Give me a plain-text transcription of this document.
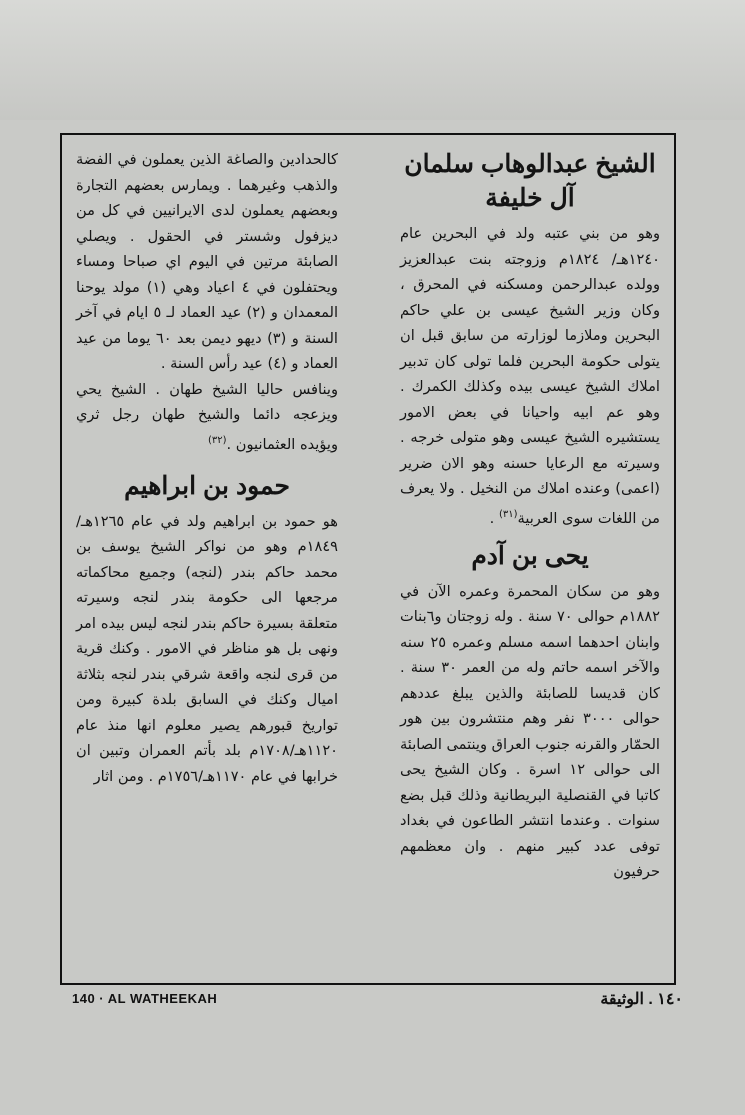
الشيخ عبدالوهاب سلمان آل خليفة

وهو من بني عتبه ولد في البحرين عام ١٢٤٠هـ/ ١٨٢٤م وزوجته بنت عبدالعزيز وولده عبدالرحمن ومسكنه في المحرق ، وكان وزير الشيخ عيسى بن علي حاكم البحرين وملازما لوزارته من سابق قبل ان يتولى حكومة البحرين فلما تولى كان تدبير املاك الشيخ عيسى بيده وكذلك الكمرك . وهو عم ابيه واحيانا في بعض الامور يستشيره الشيخ عيسى وهو متولى خرجه . وسيرته مع الرعايا حسنه وهو الان ضرير (اعمى) وعنده املاك من النخيل . ولا يعرف من اللغات سوى العربية$^{(٣١)}$ .

يحى بن آدم

وهو من سكان المحمرة وعمره الآن في ١٨٨٢م حوالى ٧٠ سنة . وله زوجتان و٦بنات وابنان احدهما اسمه مسلم وعمره ٢٥ سنه والآخر اسمه حاتم وله من العمر ٣٠ سنة . كان قديسا للصابئة والذين يبلغ عددهم حوالى ٣٠٠٠ نفر وهم منتشرون بين هور الحمّار والقرنه جنوب العراق وينتمى الصابئة الى حوالى ١٢ اسرة . وكان الشيخ يحى كاتبا في القنصلية البريطانية وذلك قبل بضع سنوات . وعندما انتشر الطاعون في بغداد توفى عدد كبير منهم . وان معظمهم حرفيون

كالحدادين والصاغة الذين يعملون في الفضة والذهب وغيرهما . ويمارس بعضهم التجارة وبعضهم يعملون لدى الايرانيين في كل من ديزفول وشستر في الحقول . ويصلي الصابئة مرتين في اليوم اي صباحا ومساء ويحتفلون في ٤ اعياد وهي (١) مولد يوحنا المعمدان و (٢) عيد العماد لـ ٥ ايام في آخر السنة و (٣) ديهو ديمن بعد ٦٠ يوما من عيد العماد و (٤) عيد رأس السنة .

وينافس حاليا الشيخ طهان . الشيخ يحي ويزعجه دائما والشيخ طهان رجل ثري ويؤيده العثمانيون .$^{(٣٢)}$

حمود بن ابراهيم

هو حمود بن ابراهيم ولد في عام ١٢٦٥هـ/١٨٤٩م وهو من نواكر الشيخ يوسف بن محمد حاكم بندر (لنجه) وجميع محاكماته مرجعها الى حكومة بندر لنجه وسيرته متعلقة بسيرة حاكم بندر لنجه ليس بيده امر ونهى بل هو مناظر في الامور . وكنك قرية من قرى لنجه واقعة شرقي بندر لنجه بثلاثة اميال وكنك في السابق بلدة كبيرة ومن تواريخ قبورهم يصير معلوم انها منذ عام ١١٢٠هـ/١٧٠٨م بلد بأتم العمران وتبين ان خرابها في عام ١١٧٠هـ/١٧٥٦م . ومن اثار

140 · AL WATHEEKAH	١٤٠ . الوثيقة
